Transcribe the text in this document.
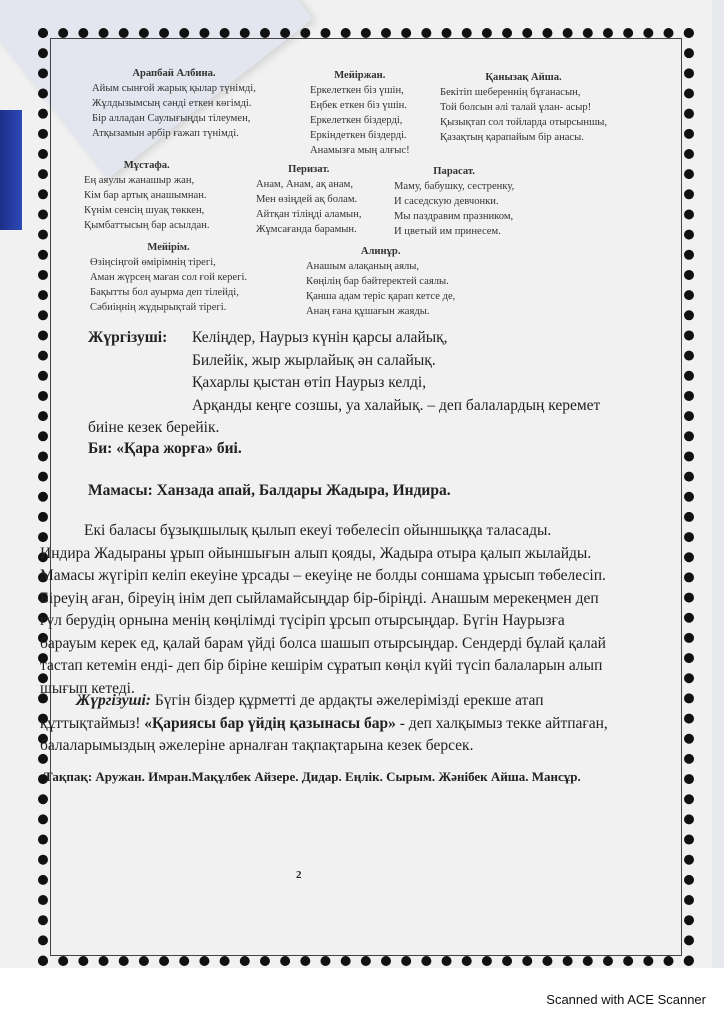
Арапбай Албина.
Айым сынғой жарық қылар түнімді,
Жұлдызымсың сәнді еткен көгімді.
Бір алладан Саулығыңды тілеумен,
Атқызамын әрбір ғажап түнімді.
Мейіржан.
Еркелеткен біз үшін,
Еңбек еткен біз үшін.
Еркелеткен біздерді,
Еркіндеткен біздерді.
Анамызға мың алғыс!
Қанызақ Айша.
Бекітіп шебереннің бұғанасын,
Той болсын әлі талай ұлан- асыр!
Қызықтап сол тойларда отырсыншы,
Қазақтың қарапайым бір анасы.
Мұстафа.
Ең аяулы жанашыр жан,
Кім бар артық анашымнан.
Күнім сенсің шуақ төккен,
Қымбаттысың бар асылдан.
Перизат.
Анам, Анам, ақ анам,
Мен өзіңдей ақ болам.
Айтқан тіліңді аламын,
Жұмсағанда барамын.
Парасат.
Маму, бабушку, сестренку,
И саседскую девчонки.
Мы паздравим празником,
И цветый им принесем.
Мейірім.
Өзіңсіңгой өмірімнің тірегі,
Аман жүрсең маған сол ғой керегі.
Бақытты бол ауырма деп тілейді,
Сәбиіңнің жұдырықтай тірегі.
Алинұр.
Анашым алақаның аялы,
Көңілің бар бәйтеректей саялы.
Қанша адам теріс қарап кетсе де,
Анаң ғана құшағын жаяды.
Жүргізуші: Келіңдер, Наурыз күнін қарсы алайық,
Билейік, жыр жырлайық ән салайық.
Қахарлы қыстан өтіп Наурыз келді,
Арқанды кеңге созшы, уа халайық. – деп балалардың керемет
биіне кезек берейік.
Би: «Қара жорға» биі.
Мамасы: Ханзада апай, Балдары Жадыра, Индира.
Екі баласы бұзықшылық қылып екеуі төбелесіп ойыншыққа таласады.
Индира Жадыраны ұрып ойыншығын алып қояды, Жадыра отыра қалып жылайды.
Мамасы жүгіріп келіп екеуіне ұрсады – екеуіңе не болды соншама ұрысып төбелесіп.
Біреуің аған, біреуің інім деп сыйламайсыңдар бір-біріңді. Анашым мерекеңмен деп
гүл берудің орнына менің көңілімді түсіріп ұрсып отырсыңдар. Бүгін Наурызға
барауым керек ед, қалай барам үйді болса шашып отырсыңдар. Сендерді бұлай қалай
тастап кетемін енді- деп бір біріне кешірім сұратып көңіл күйі түсіп балаларын алып
шығып кетеді.
Жүргізуші: Бүгін біздер құрметті де ардақты әжелерімізді ерекше атап
құттықтаймыз! «Қариясы бар үйдің қазынасы бар» - деп халқымыз текке айтпаған,
балаларымыздың әжелеріне арналған тақпақтарына кезек берсек.
Тақпақ: Аружан. Имран.Мақұлбек Айзере. Дидар. Еңлік. Сырым. Жәнібек Айша. Мансұр.
2
Scanned with ACE Scanner
